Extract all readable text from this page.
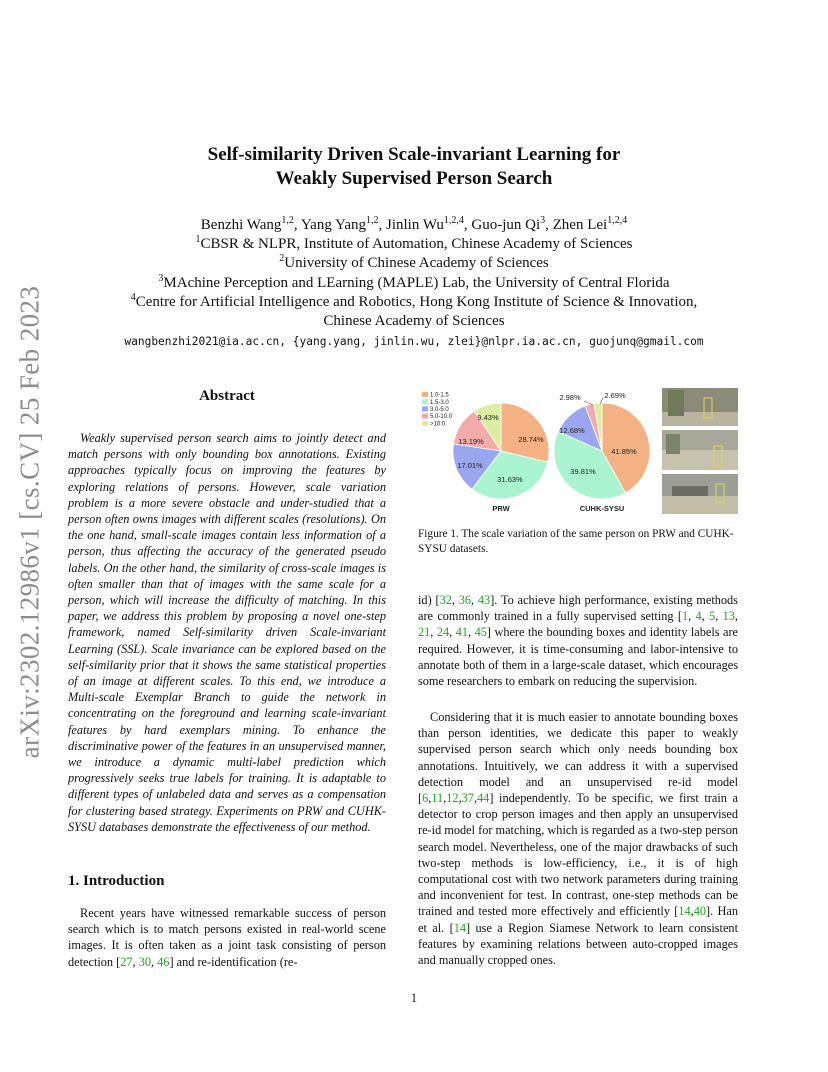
Self-similarity Driven Scale-invariant Learning for
Weakly Supervised Person Search
Benzhi Wang$^{1,2}$, Yang Yang$^{1,2}$, Jinlin Wu$^{1,2,4}$, Guo-jun Qi$^3$, Zhen Lei$^{1,2,4}$
$^1$CBSR & NLPR, Institute of Automation, Chinese Academy of Sciences
$^2$University of Chinese Academy of Sciences
$^3$MAchine Perception and LEarning (MAPLE) Lab, the University of Central Florida
$^4$Centre for Artificial Intelligence and Robotics, Hong Kong Institute of Science & Innovation,
Chinese Academy of Sciences
wangbenzhi2021@ia.ac.cn, {yang.yang, jinlin.wu, zlei}@nlpr.ia.ac.cn, guojunq@gmail.com
arXiv:2302.12986v1 [cs.CV] 25 Feb 2023	Abstract
Weakly supervised person search aims to jointly detect and match persons with only bounding box annotations. Existing approaches typically focus on improving the features by exploring relations of persons. However, scale variation problem is a more severe obstacle and under-studied that a person often owns images with different scales (resolutions). On the one hand, small-scale images contain less information of a person, thus affecting the accuracy of the generated pseudo labels. On the other hand, the similarity of cross-scale images is often smaller than that of images with the same scale for a person, which will increase the difficulty of matching. In this paper, we address this problem by proposing a novel one-step framework, named Self-similarity driven Scale-invariant Learning (SSL). Scale invariance can be explored based on the self-similarity prior that it shows the same statistical properties of an image at different scales. To this end, we introduce a Multi-scale Exemplar Branch to guide the network in concentrating on the foreground and learning scale-invariant features by hard exemplars mining. To enhance the discriminative power of the features in an unsupervised manner, we introduce a dynamic multi-label prediction which progressively seeks true labels for training. It is adaptable to different types of unlabeled data and serves as a compensation for clustering based strategy. Experiments on PRW and CUHK-SYSU databases demonstrate the effectiveness of our method.
1. Introduction
Recent years have witnessed remarkable success of person search which is to match persons existed in real-world scene images. It is often taken as a joint task consisting of person detection [27, 30, 46] and re-identification (re-
1.0-1.5
1.5-3.0
3.0-5.0
5.0-10.0
>10.0
28.74%
31.63%
17.01%
13.19%
9.43%
PRW
41.85%
39.81%
12.68%
2.98%	2.69%
CUHK-SYSU
Figure 1. The scale variation of the same person on PRW and CUHK-SYSU datasets.
id) [32, 36, 43]. To achieve high performance, existing methods are commonly trained in a fully supervised setting [1, 4, 5, 13, 21, 24, 41, 45] where the bounding boxes and identity labels are required. However, it is time-consuming and labor-intensive to annotate both of them in a large-scale dataset, which encourages some researchers to embark on reducing the supervision.
Considering that it is much easier to annotate bounding boxes than person identities, we dedicate this paper to weakly supervised person search which only needs bounding box annotations. Intuitively, we can address it with a supervised detection model and an unsupervised re-id model [6,11,12,37,44] independently. To be specific, we first train a detector to crop person images and then apply an unsupervised re-id model for matching, which is regarded as a two-step person search model. Nevertheless, one of the major drawbacks of such two-step methods is low-efficiency, i.e., it is of high computational cost with two network parameters during training and inconvenient for test. In contrast, one-step methods can be trained and tested more effectively and efficiently [14,40]. Han et al. [14] use a Region Siamese Network to learn consistent features by examining relations between auto-cropped images and manually cropped ones.
1
